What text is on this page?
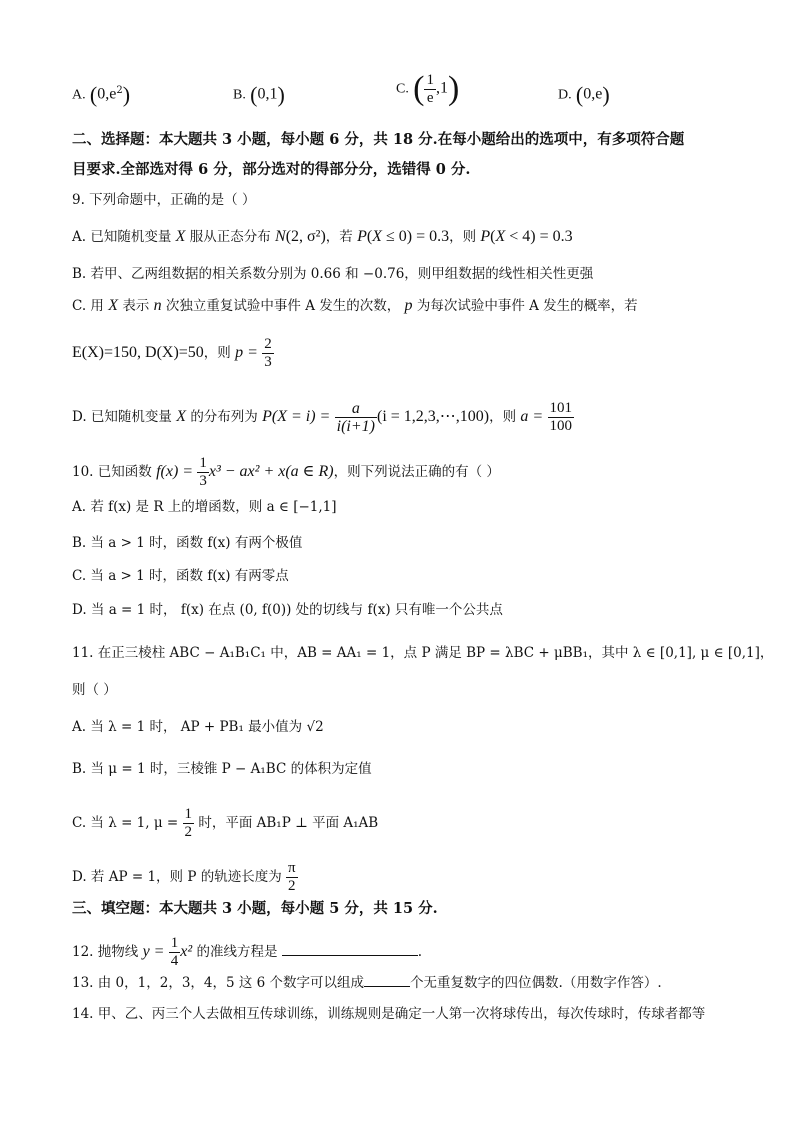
A. $(0,e^2)$	B. (0,1)	C. ( $\frac{1}{e} ,1$)	D. (0,e)
二、选择题：本大题共 3 小题，每小题 6 分，共 18 分.在每小题给出的选项中，有多项符合题
目要求.全部选对得 6 分，部分选对的得部分分，选错得 0 分.
9. 下列命题中，正确的是（ ）
A. 已知随机变量 X 服从正态分布 N(2, σ²)，若 P(X ≤ 0) = 0.3，则 P(X < 4) = 0.3
B. 若甲、乙两组数据的相关系数分别为 0.66 和 −0.76，则甲组数据的线性相关性更强
C. 用 X 表示 n 次独立重复试验中事件 A 发生的次数， p 为每次试验中事件 A 发生的概率，若
E(X)=150, D(X)=50，则 $p = \frac{2}{3}$
D. 已知随机变量 X 的分布列为 $P(X = i) = \frac{a}{i(i+1)} (i$ = 1,2,3,⋯,100)，则 $a = \frac{101}{100}$
10. 已知函数 $f(x) = \frac{1}{3} x^3 - ax^2 + x(a$ ∈ R)，则下列说法正确的有（ ）
A. 若 f(x) 是 R 上的增函数，则 a ∈ [−1,1]
B. 当 a > 1 时，函数 f(x) 有两个极值
C. 当 a > 1 时，函数 f(x) 有两零点
D. 当 a = 1 时， f(x) 在点 (0, f(0)) 处的切线与 f(x) 只有唯一个公共点
11. 在正三棱柱 ABC − A₁B₁C₁ 中，AB = AA₁ = 1，点 P 满足 BP = λBC + μBB₁，其中 λ ∈ [0,1], μ ∈ [0,1]，
则（ ）
A. 当 λ = 1 时， AP + PB₁ 最小值为 √2
B. 当 μ = 1 时，三棱锥 P − A₁BC 的体积为定值
C. 当 λ = 1, $\mu = \frac{1}{2}$ 时，平面 AB₁P ⊥ 平面 A₁AB
D. 若 AP = 1，则 P 的轨迹长度为 $\frac{\pi}{2}$
三、填空题：本大题共 3 小题，每小题 5 分，共 15 分.
12. 抛物线 $y = \frac{1}{4} x^2$ 的准线方程是	.
13. 由 0，1，2，3，4，5 这 6 个数字可以组成	个无重复数字的四位偶数.（用数字作答）.
14. 甲、乙、丙三个人去做相互传球训练，训练规则是确定一人第一次将球传出，每次传球时，传球者都等
